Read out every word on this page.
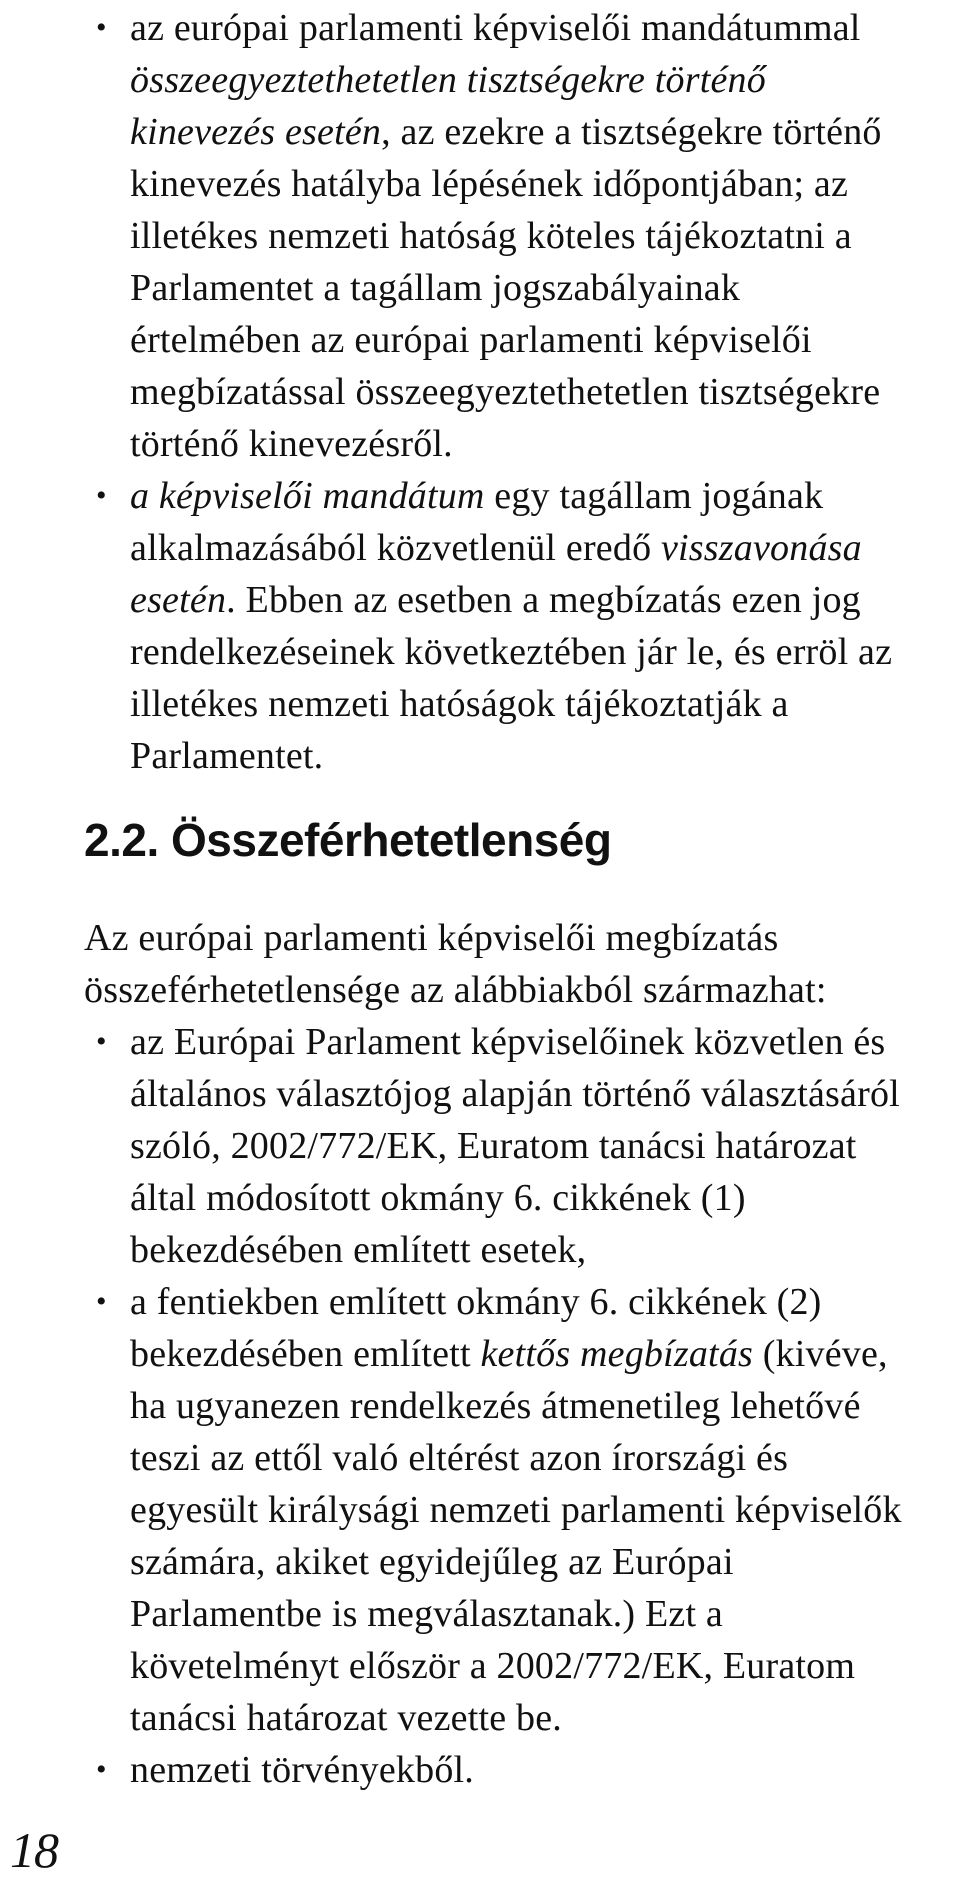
• az európai parlamenti képviselői mandátummal összeegyeztethetetlen tisztségekre történő kinevezés esetén, az ezekre a tisztségekre történő kinevezés hatályba lépésének időpontjában; az illetékes nemzeti hatóság köteles tájékoztatni a Parlamentet a tagállam jogszabályainak értelmében az európai parlamenti képviselői megbízatással összeegyeztethetetlen tisztségekre történő kinevezésről.
• a képviselői mandátum egy tagállam jogának alkalmazásából közvetlenül eredő visszavonása esetén. Ebben az esetben a megbízatás ezen jog rendelkezéseinek következtében jár le, és erröl az illetékes nemzeti hatóságok tájékoztatják a Parlamentet.
2.2. Összeférhetetlenség

Az európai parlamenti képviselői megbízatás összeférhetetlensége az alábbiakból származhat:

• az Európai Parlament képviselőinek közvetlen és általános választójog alapján történő választásáról szóló, 2002/772/EK, Euratom tanácsi határozat által módosított okmány 6. cikkének (1) bekezdésében említett esetek,
• a fentiekben említett okmány 6. cikkének (2) bekezdésében említett kettős megbízatás (kivéve, ha ugyanezen rendelkezés átmenetileg lehetővé teszi az ettől való eltérést azon írországi és egyesült királysági nemzeti parlamenti képviselők számára, akiket egyidejűleg az Európai Parlamentbe is megválasztanak.) Ezt a követelményt először a 2002/772/EK, Euratom tanácsi határozat vezette be.
• nemzeti törvényekből.
18
